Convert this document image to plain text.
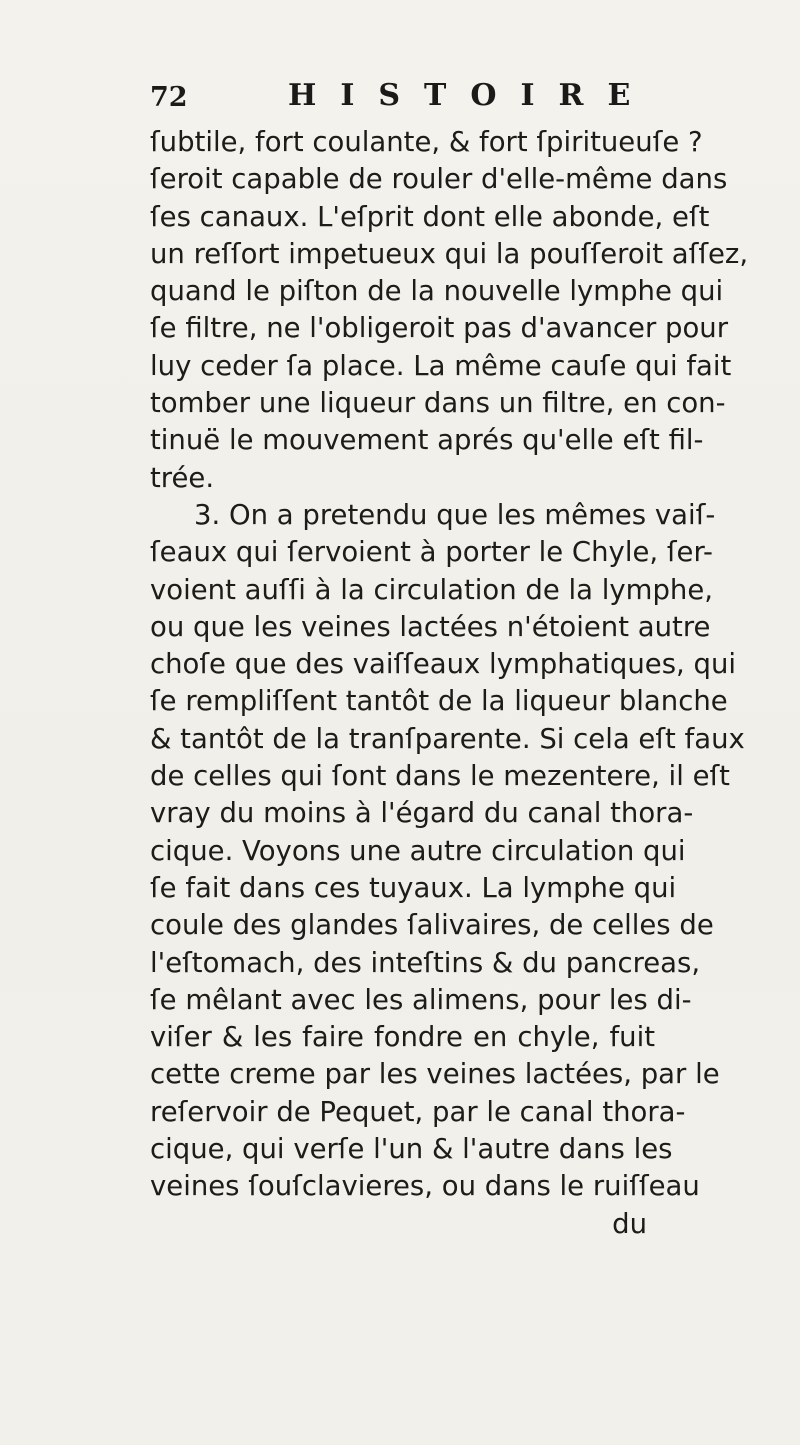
72	HISTOIRE
ſubtile, fort coulante, & fort ſpiritueuſe ?
ſeroit capable de rouler d'elle-même dans
ſes canaux. L'eſprit dont elle abonde, eſt
un reſſort impetueux qui la pouſſeroit aſſez,
quand le piſton de la nouvelle lymphe qui
ſe filtre, ne l'obligeroit pas d'avancer pour
luy ceder ſa place. La même cauſe qui fait
tomber une liqueur dans un filtre, en con-
tinuë le mouvement aprés qu'elle eſt fil-
trée.
3. On a pretendu que les mêmes vaiſ-
ſeaux qui ſervoient à porter le Chyle, ſer-
voient auſſi à la circulation de la lymphe,
ou que les veines lactées n'étoient autre
choſe que des vaiſſeaux lymphatiques, qui
ſe rempliſſent tantôt de la liqueur blanche
& tantôt de la tranſparente. Si cela eſt faux
de celles qui ſont dans le mezentere, il eſt
vray du moins à l'égard du canal thora-
cique. Voyons une autre circulation qui
ſe fait dans ces tuyaux. La lymphe qui
coule des glandes ſalivaires, de celles de
l'eſtomach, des inteſtins & du pancreas,
ſe mêlant avec les alimens, pour les di-
viſer & les faire fondre en chyle, fuit
cette creme par les veines lactées, par le
reſervoir de Pequet, par le canal thora-
cique, qui verſe l'un & l'autre dans les
veines ſouſclavieres, ou dans le ruiſſeau
du
